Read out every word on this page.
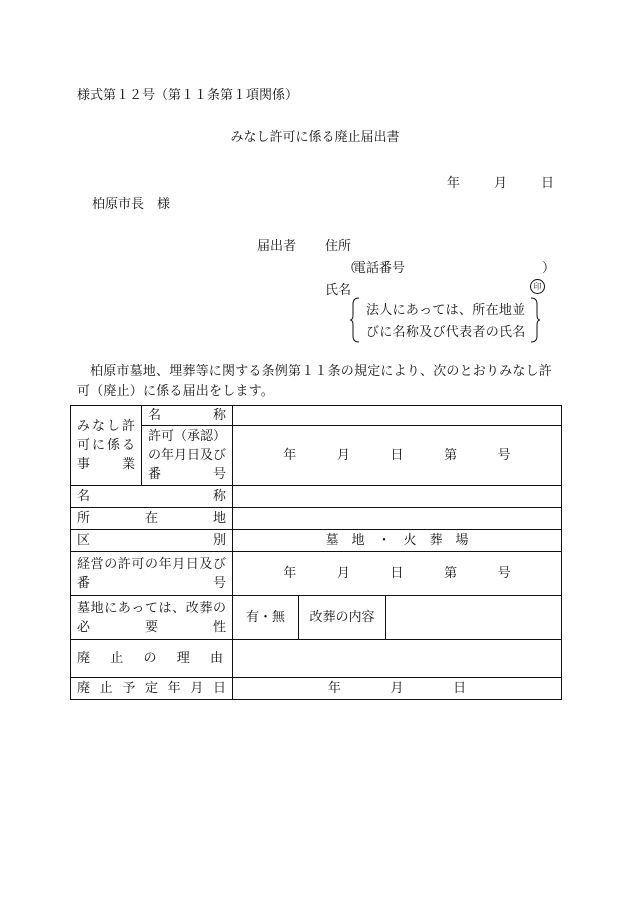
様式第１２号（第１１条第１項関係）
みなし許可に係る廃止届出書
年	月	日
柏原市長　様
届出者 住所
（
電話番号	）
氏名	印
法人にあっては、所在地並びに名称及び代表者の氏名
柏原市墓地、埋葬等に関する条例第１１条の規定により、次のとおりみなし許可（廃止）に係る届出をします。
みなし許可に係る事業	名称			
	許可（承認）の年月日及び番号	年 月 日 第 号		

名称				
所在地				
区別		墓　地　・　火　葬　場		
経営の許可の年月日及び番号		年 月 日 第 号		

墓地にあっては、改葬の必要性		有・無	改葬の内容	
廃止の理由				
廃止予定年月日		年 月 日		
